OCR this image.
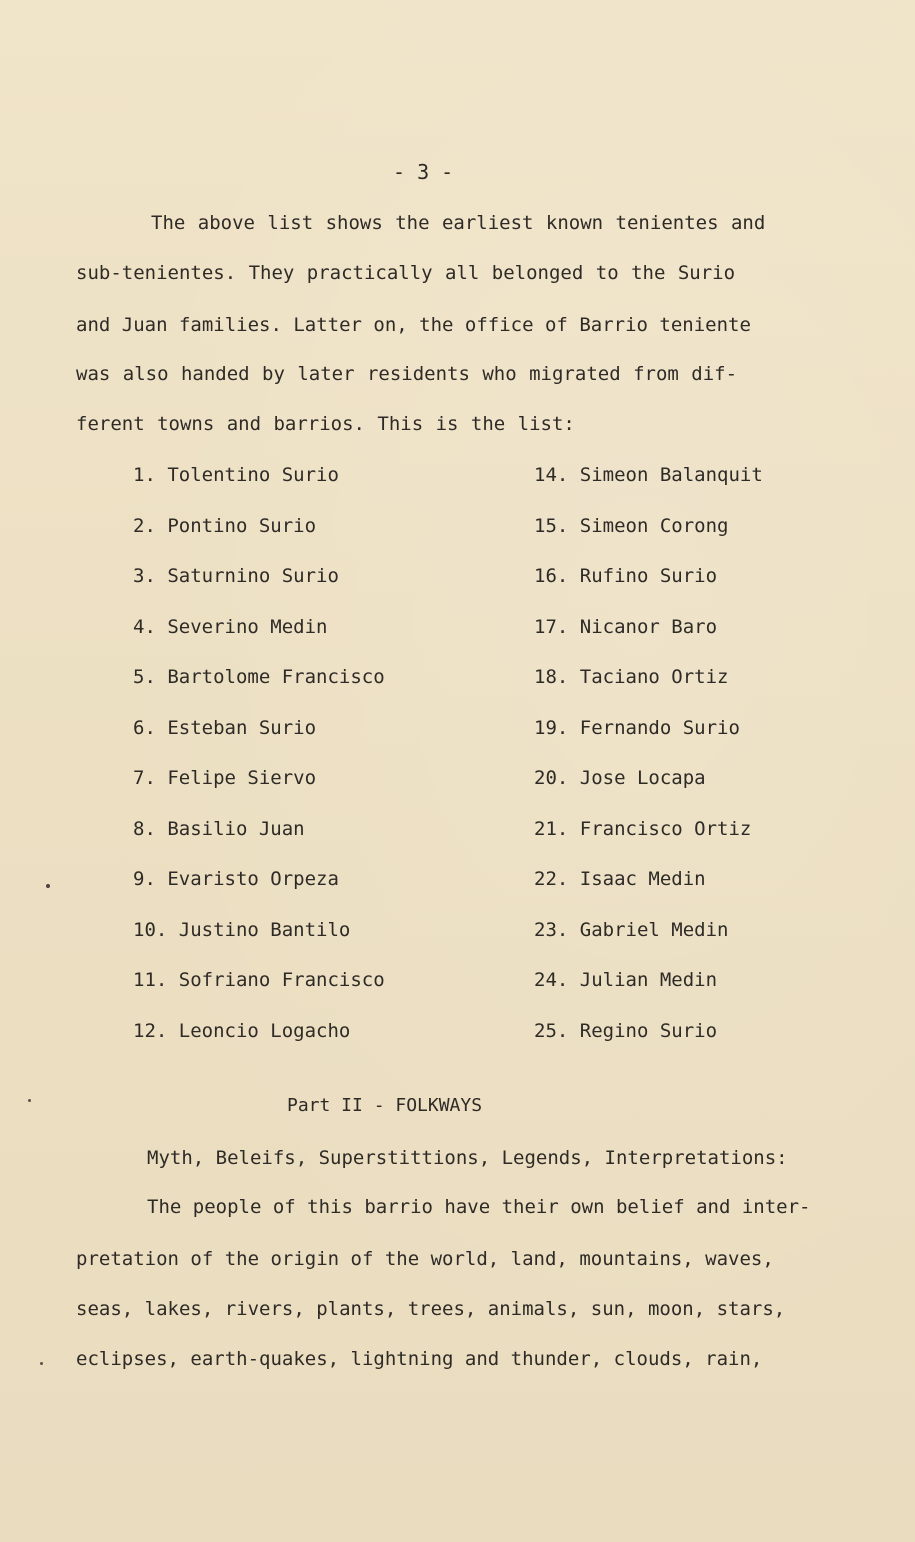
- 3 -
The above list shows the earliest known tenientes and
sub-tenientes. They practically all belonged to the Surio
and Juan families. Latter on, the office of Barrio teniente
was also handed by later residents who migrated from dif-
ferent towns and barrios. This is the list:
1. Tolentino Surio
2. Pontino Surio
3. Saturnino Surio
4. Severino Medin
5. Bartolome Francisco
6. Esteban Surio
7. Felipe Siervo
8. Basilio Juan
9. Evaristo Orpeza
10. Justino Bantilo
11. Sofriano Francisco
12. Leoncio Logacho
14. Simeon Balanquit
15. Simeon Corong
16. Rufino Surio
17. Nicanor Baro
18. Taciano Ortiz
19. Fernando Surio
20. Jose Locapa
21. Francisco Ortiz
22. Isaac Medin
23. Gabriel Medin
24. Julian Medin
25. Regino Surio
Part II - FOLKWAYS
Myth, Beleifs, Superstittions, Legends, Interpretations:
The people of this barrio have their own belief and inter-
pretation of the origin of the world, land, mountains, waves,
seas, lakes, rivers, plants, trees, animals, sun, moon, stars,
eclipses, earth-quakes, lightning and thunder, clouds, rain,
